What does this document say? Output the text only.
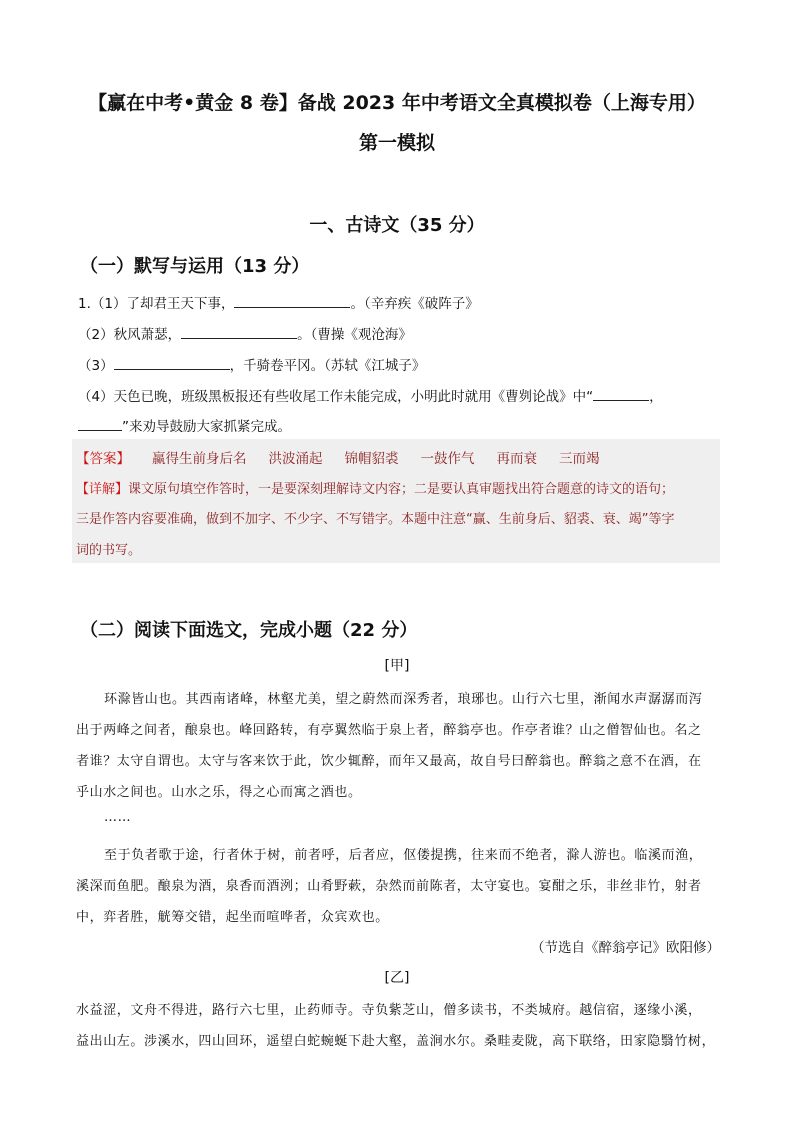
【赢在中考•黄金 8 卷】备战 2023 年中考语文全真模拟卷（上海专用）
第一模拟
一、古诗文（35 分）
（一）默写与运用（13 分）
1.（1）了却君王天下事，	。（辛弃疾《破阵子》
（2）秋风萧瑟，	。（曹操《观沧海》
（3）	，千骑卷平冈。（苏轼《江城子》
（4）天色已晚，班级黑板报还有些收尾工作未能完成，小明此时就用《曹刿论战》中“	，
”来劝导鼓励大家抓紧完成。
【答案】 赢得生前身后名 洪波涌起 锦帽貂裘 一鼓作气 再而衰 三而竭
【详解】课文原句填空作答时，一是要深刻理解诗文内容；二是要认真审题找出符合题意的诗文的语句；
三是作答内容要准确，做到不加字、不少字、不写错字。本题中注意“赢、生前身后、貂裘、衰、竭”等字
词的书写。
（二）阅读下面选文，完成小题（22 分）
[甲]
环滁皆山也。其西南诸峰，林壑尤美，望之蔚然而深秀者，琅琊也。山行六七里，渐闻水声潺潺而泻
出于两峰之间者，酿泉也。峰回路转，有亭翼然临于泉上者，醉翁亭也。作亭者谁？山之僧智仙也。名之
者谁？太守自谓也。太守与客来饮于此，饮少辄醉，而年又最高，故自号曰醉翁也。醉翁之意不在酒，在
乎山水之间也。山水之乐，得之心而寓之酒也。
……
至于负者歌于途，行者休于树，前者呼，后者应，伛偻提携，往来而不绝者，滁人游也。临溪而渔，
溪深而鱼肥。酿泉为酒，泉香而酒洌；山肴野蔌，杂然而前陈者，太守宴也。宴酣之乐，非丝非竹，射者
中，弈者胜，觥筹交错，起坐而喧哗者，众宾欢也。
（节选自《醉翁亭记》欧阳修）
[乙]
水益涩，文舟不得进，路行六七里，止药师寺。寺负紫芝山，僧多读书，不类城府。越信宿，逐缘小溪，
益出山左。涉溪水，四山回环，遥望白蛇蜿蜒下赴大壑，盖涧水尔。桑畦麦陇，高下联络，田家隐翳竹树，
